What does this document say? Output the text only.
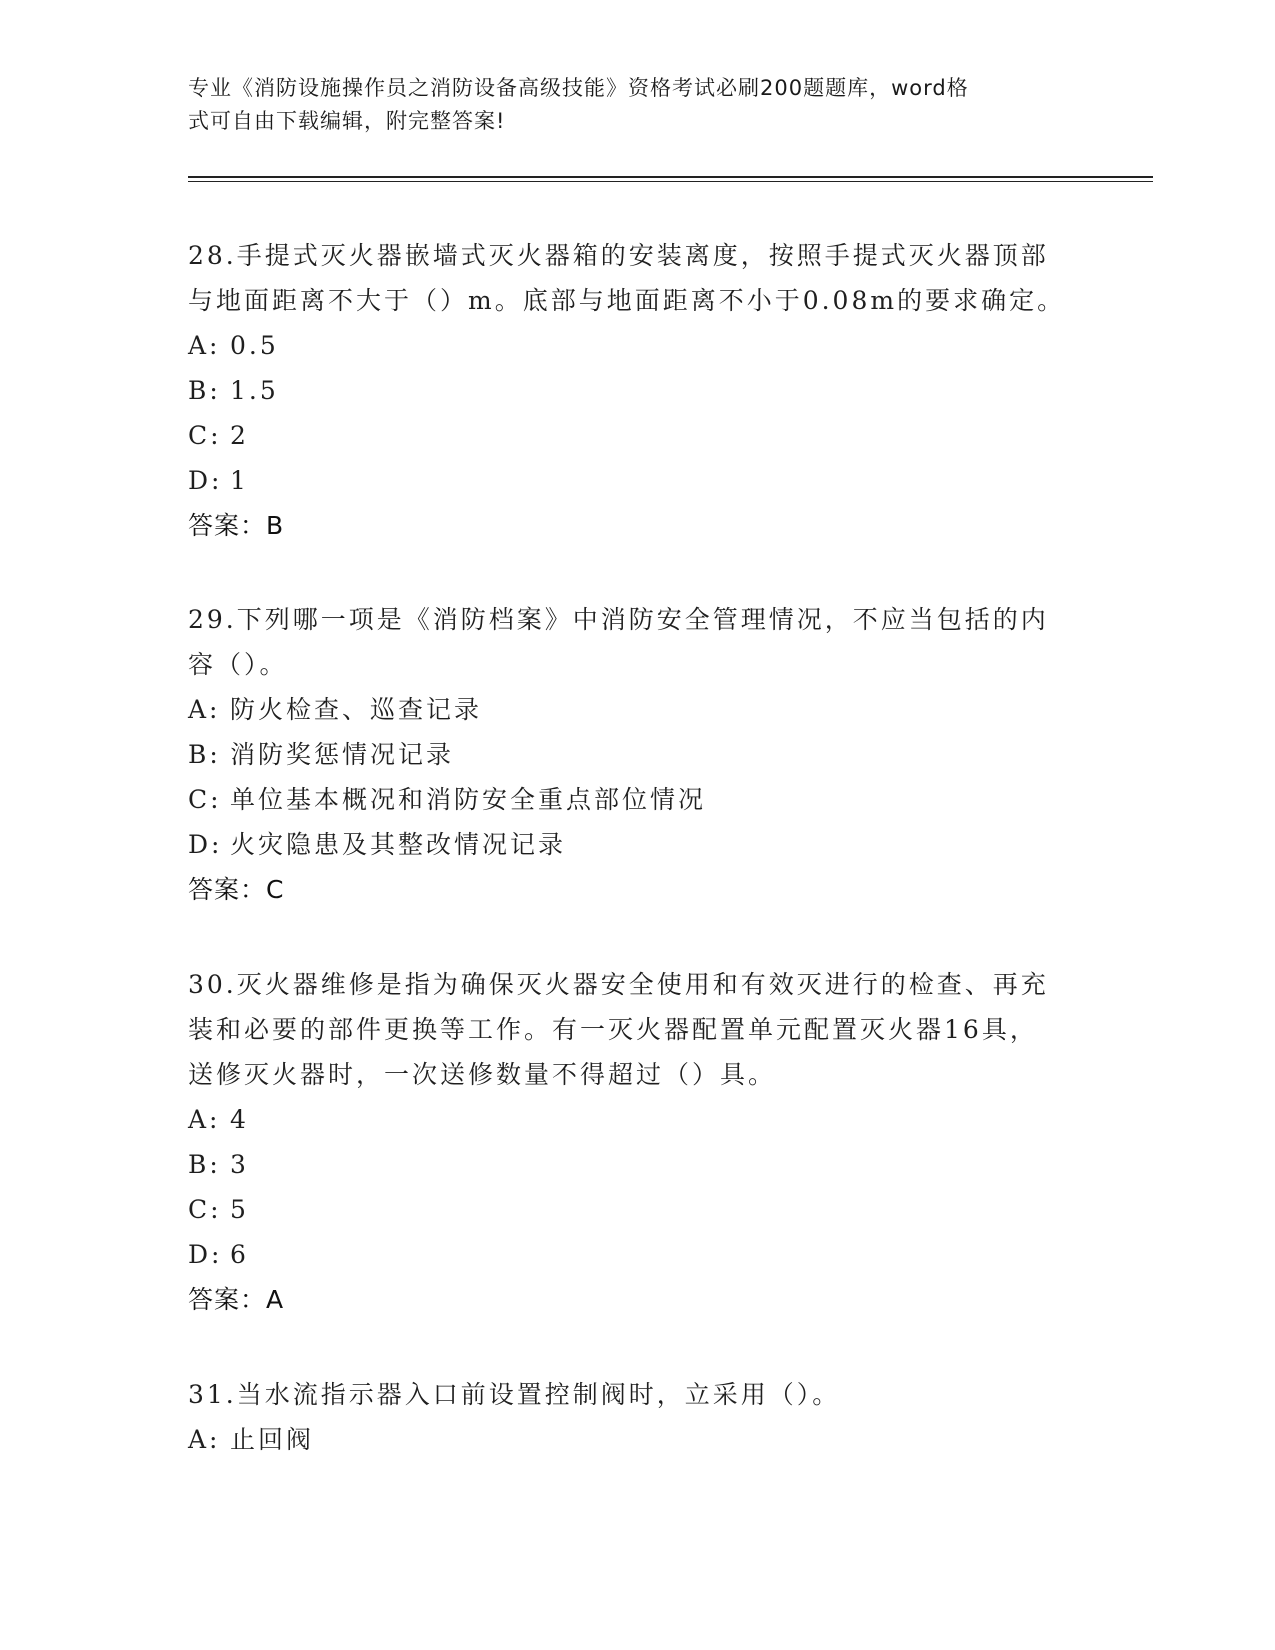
专业《消防设施操作员之消防设备高级技能》资格考试必刷200题题库，word格
式可自由下载编辑，附完整答案!
28.手提式灭火器嵌墙式灭火器箱的安装离度，按照手提式灭火器顶部
与地面距离不大于（）m。底部与地面距离不小于0.08m的要求确定。
A: 0.5
B: 1.5
C: 2
D: 1
答案：B
29.下列哪一项是《消防档案》中消防安全管理情况，不应当包括的内
容（）。
A: 防火检查、巡查记录
B: 消防奖惩情况记录
C: 单位基本概况和消防安全重点部位情况
D: 火灾隐患及其整改情况记录
答案：C
30.灭火器维修是指为确保灭火器安全使用和有效灭进行的检查、再充
装和必要的部件更换等工作。有一灭火器配置单元配置灭火器16具，
送修灭火器时，一次送修数量不得超过（）具。
A: 4
B: 3
C: 5
D: 6
答案：A
31.当水流指示器入口前设置控制阀时，立采用（）。
A: 止回阀
